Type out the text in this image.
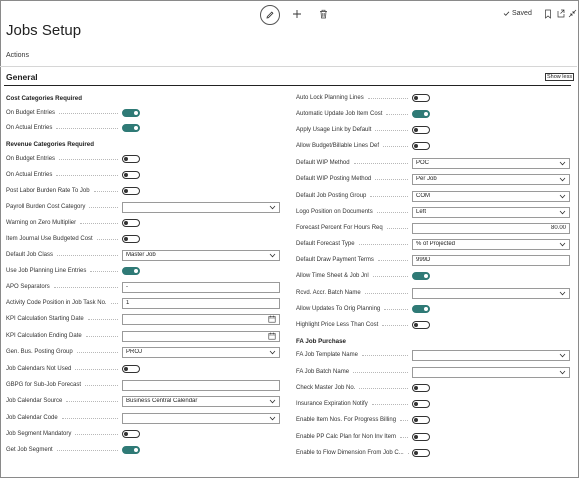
Saved
Jobs Setup
Actions
General	Show less
Cost Categories Required
On Budget Entries
On Actual Entries
Revenue Categories Required
On Budget Entries
On Actual Entries
Post Labor Burden Rate To Job
Payroll Burden Cost Category
Warning on Zero Multiplier
Item Journal Use Budgeted Cost
Default Job Class	Master Job
Use Job Planning Line Entries
APO Separators	-
Activity Code Position in Job Task No.	1
KPI Calculation Starting Date
KPI Calculation Ending Date
Gen. Bus. Posting Group	PROJ
Job Calendars Not Used
GBPG for Sub-Job Forecast
Job Calendar Source	Business Central Calendar
Job Calendar Code
Job Segment Mandatory
Get Job Segment
Auto Lock Planning Lines
Automatic Update Job Item Cost
Apply Usage Link by Default
Allow Budget/Billable Lines Def
Default WIP Method	POC
Default WIP Posting Method	Per Job
Default Job Posting Group	COM
Logo Position on Documents	Left
Forecast Percent For Hours Req	80.00
Default Forecast Type	% of Projected
Default Draw Payment Terms	999D
Allow Time Sheet & Job Jnl
Rcvd. Accr. Batch Name
Allow Updates To Orig Planning
Highlight Price Less Than Cost
FA Job Purchase
FA Job Template Name
FA Job Batch Name
Check Master Job No.
Insurance Expiration Notify
Enable Item Nos. For Progress Billing
Enable PP Calc Plan for Non Inv Item
Enable to Flow Dimension From Job C...
